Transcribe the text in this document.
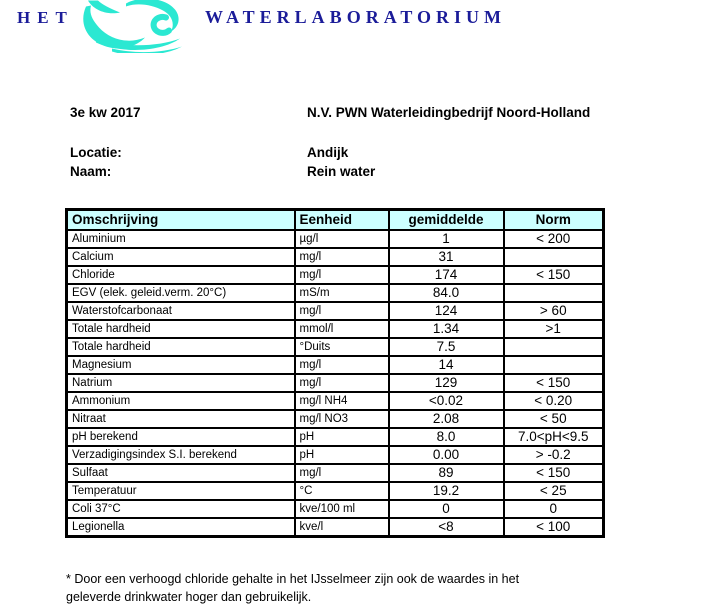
HET	WATERLABORATORIUM
3e kw 2017	N.V. PWN Waterleidingbedrijf Noord-Holland
Locatie:	Andijk
Naam:	Rein water
Omschrijving	Eenheid	gemiddelde	Norm
Aluminium	µg/l	1	< 200
Calcium	mg/l	31	
Chloride	mg/l	174	< 150
EGV (elek. geleid.verm. 20°C)	mS/m	84.0	
Waterstofcarbonaat	mg/l	124	> 60
Totale hardheid	mmol/l	1.34	>1
Totale hardheid	°Duits	7.5	
Magnesium	mg/l	14	
Natrium	mg/l	129	< 150
Ammonium	mg/l NH4	<0.02	< 0.20
Nitraat	mg/l NO3	2.08	< 50
pH berekend	pH	8.0	7.0<pH<9.5
Verzadigingsindex S.I. berekend	pH	0.00	> -0.2
Sulfaat	mg/l	89	< 150
Temperatuur	°C	19.2	< 25
Coli 37°C	kve/100 ml	0	0
Legionella	kve/l	<8	< 100
* Door een verhoogd chloride gehalte in het IJsselmeer zijn ook de waardes in het geleverde drinkwater hoger dan gebruikelijk.
